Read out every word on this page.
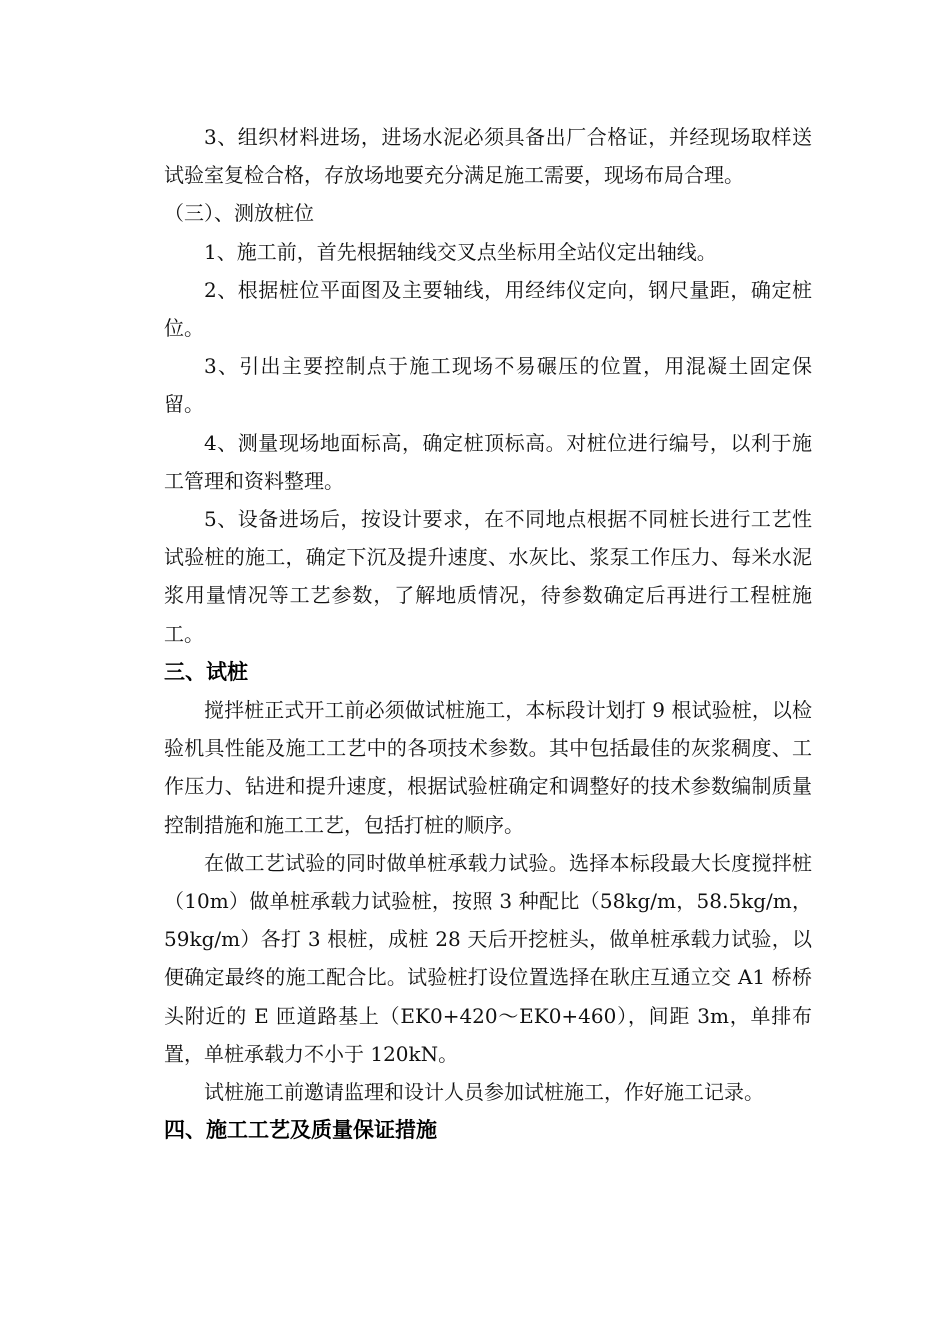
3、组织材料进场，进场水泥必须具备出厂合格证，并经现场取样送试验室复检合格，存放场地要充分满足施工需要，现场布局合理。

（三）、测放桩位

1、施工前，首先根据轴线交叉点坐标用全站仪定出轴线。

2、根据桩位平面图及主要轴线，用经纬仪定向，钢尺量距，确定桩位。

3、引出主要控制点于施工现场不易碾压的位置，用混凝土固定保留。

4、测量现场地面标高，确定桩顶标高。对桩位进行编号，以利于施工管理和资料整理。

5、设备进场后，按设计要求，在不同地点根据不同桩长进行工艺性试验桩的施工，确定下沉及提升速度、水灰比、浆泵工作压力、每米水泥浆用量情况等工艺参数，了解地质情况，待参数确定后再进行工程桩施工。

三、试桩

搅拌桩正式开工前必须做试桩施工，本标段计划打 9 根试验桩，以检验机具性能及施工工艺中的各项技术参数。其中包括最佳的灰浆稠度、工作压力、钻进和提升速度，根据试验桩确定和调整好的技术参数编制质量控制措施和施工工艺，包括打桩的顺序。

在做工艺试验的同时做单桩承载力试验。选择本标段最大长度搅拌桩（10m）做单桩承载力试验桩，按照 3 种配比（58kg/m，58.5kg/m，59kg/m）各打 3 根桩，成桩 28 天后开挖桩头，做单桩承载力试验，以便确定最终的施工配合比。试验桩打设位置选择在耿庄互通立交 A1 桥桥头附近的 E 匝道路基上（EK0+420～EK0+460），间距 3m，单排布置，单桩承载力不小于 120kN。

试桩施工前邀请监理和设计人员参加试桩施工，作好施工记录。

四、施工工艺及质量保证措施
